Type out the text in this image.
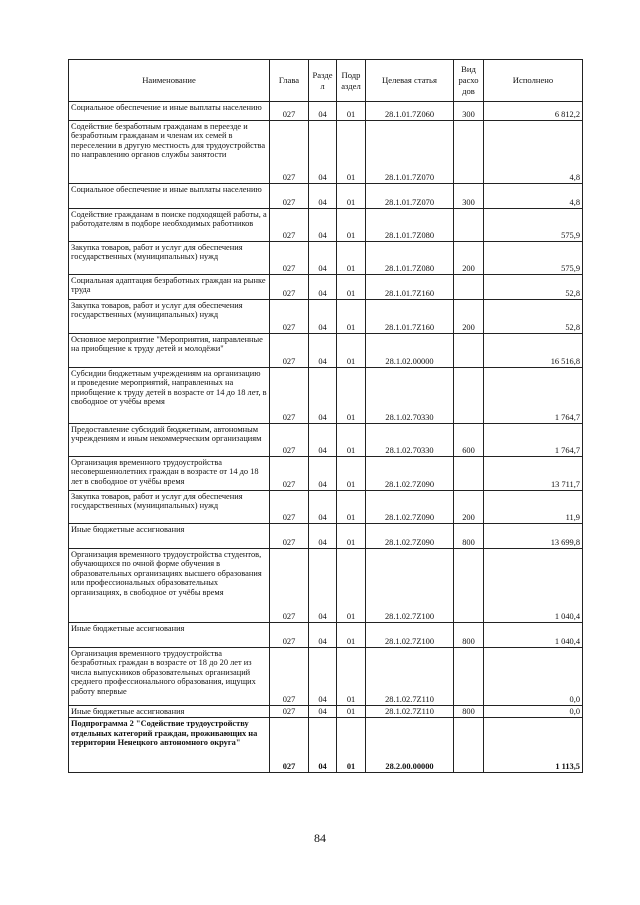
Наименование	Глава	Разде л	Подр аздел	Целевая статья	Вид расхо дов	Исполнено
Социальное обеспечение и иные выплаты населению	027	04	01	28.1.01.7Z060	300	6 812,2
Содействие безработным гражданам в переезде и безработным гражданам и членам их семей в переселении в другую местность для трудоустройства по направлению органов службы занятости	027	04	01	28.1.01.7Z070		4,8
Социальное обеспечение и иные выплаты населению	027	04	01	28.1.01.7Z070	300	4,8
Содействие гражданам в поиске подходящей работы, а работодателям в подборе необходимых работников	027	04	01	28.1.01.7Z080		575,9
Закупка товаров, работ и услуг для обеспечения государственных (муниципальных) нужд	027	04	01	28.1.01.7Z080	200	575,9
Социальная адаптация безработных граждан на рынке труда	027	04	01	28.1.01.7Z160		52,8
Закупка товаров, работ и услуг для обеспечения государственных (муниципальных) нужд	027	04	01	28.1.01.7Z160	200	52,8
Основное мероприятие "Мероприятия, направленные на приобщение к труду детей и молодёжи"	027	04	01	28.1.02.00000		16 516,8
Субсидии бюджетным учреждениям на организацию и проведение мероприятий, направленных на приобщение к труду детей в возрасте от 14 до 18 лет, в свободное от учёбы время	027	04	01	28.1.02.70330		1 764,7
Предоставление субсидий бюджетным, автономным учреждениям и иным некоммерческим организациям	027	04	01	28.1.02.70330	600	1 764,7
Организация временного трудоустройства несовершеннолетних граждан в возрасте от 14 до 18 лет в свободное от учёбы время	027	04	01	28.1.02.7Z090		13 711,7
Закупка товаров, работ и услуг для обеспечения государственных (муниципальных) нужд	027	04	01	28.1.02.7Z090	200	11,9
Иные бюджетные ассигнования	027	04	01	28.1.02.7Z090	800	13 699,8
Организация временного трудоустройства студентов, обучающихся по очной форме обучения в образовательных организациях высшего образования или профессиональных образовательных организациях, в свободное от учёбы время	027	04	01	28.1.02.7Z100		1 040,4
Иные бюджетные ассигнования	027	04	01	28.1.02.7Z100	800	1 040,4
Организация временного трудоустройства безработных граждан в возрасте от 18 до 20 лет из числа выпускников образовательных организаций среднего профессионального образования, ищущих работу впервые	027	04	01	28.1.02.7Z110		0,0
Иные бюджетные ассигнования	027	04	01	28.1.02.7Z110	800	0,0
Подпрограмма 2 "Содействие трудоустройству отдельных категорий граждан, проживающих на территории Ненецкого автономного округа"	027	04	01	28.2.00.00000		1 113,5
84
